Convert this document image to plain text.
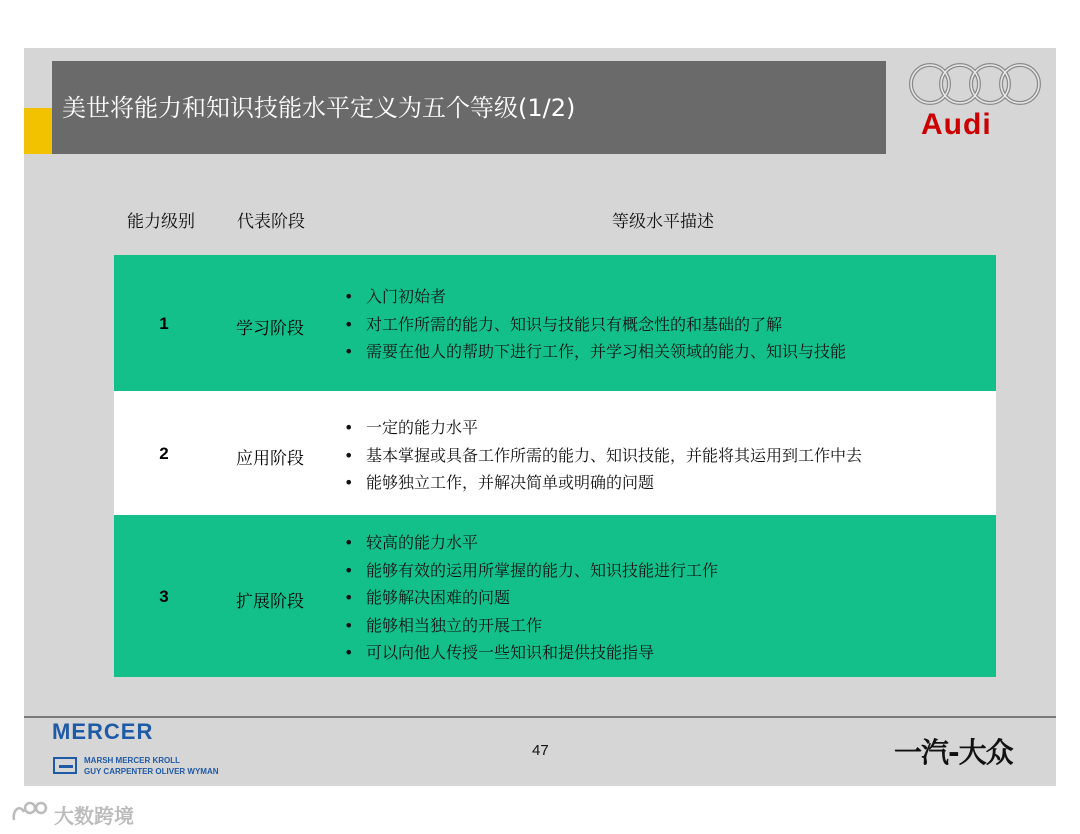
美世将能力和知识技能水平定义为五个等级(1/2)	Audi
能力级别 代表阶段	等级水平描述
1	学习阶段
• 入门初始者
• 对工作所需的能力、知识与技能只有概念性的和基础的了解
• 需要在他人的帮助下进行工作，并学习相关领域的能力、知识与技能
2	应用阶段
• 一定的能力水平
• 基本掌握或具备工作所需的能力、知识技能，并能将其运用到工作中去
• 能够独立工作，并解决简单或明确的问题
3	扩展阶段
• 较高的能力水平
• 能够有效的运用所掌握的能力、知识技能进行工作
• 能够解决困难的问题
• 能够相当独立的开展工作
• 可以向他人传授一些知识和提供技能指导
MERCER
MARSH MERCER KROLL
GUY CARPENTER OLIVER WYMAN
47	一汽-大众
大数跨境
